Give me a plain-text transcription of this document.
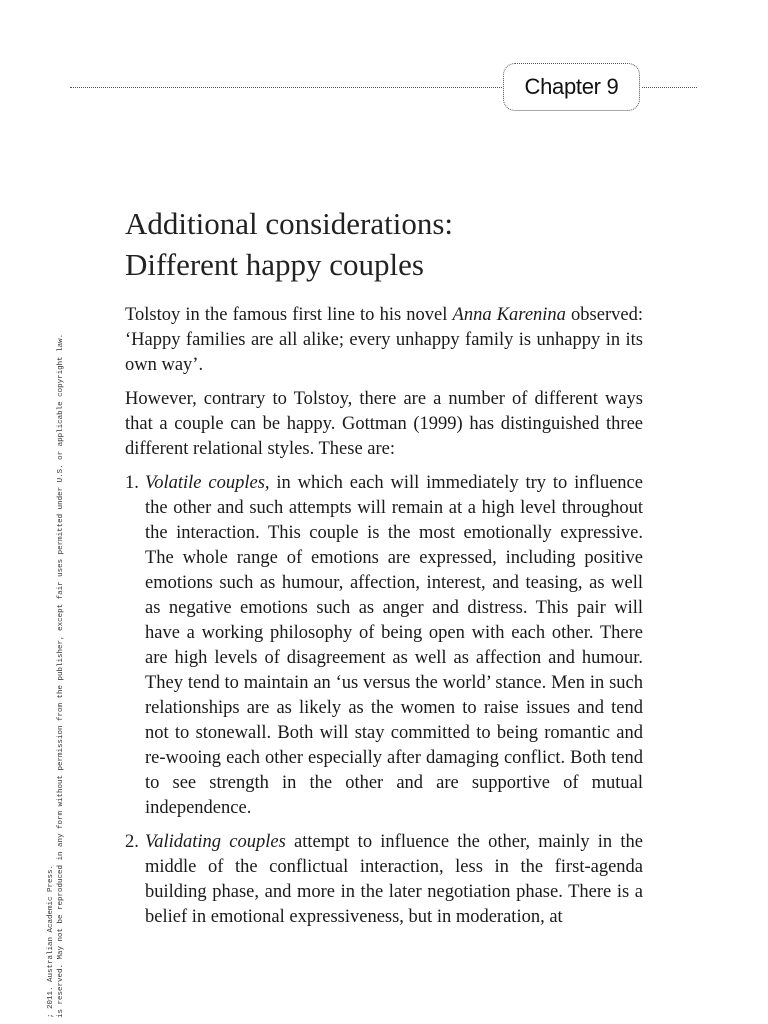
Chapter 9
Additional considerations:
Different happy couples

Tolstoy in the famous first line to his novel Anna Karenina observed: ‘Happy families are all alike; every unhappy family is unhappy in its own way’.

However, contrary to Tolstoy, there are a number of different ways that a couple can be happy. Gottman (1999) has distinguished three different relational styles. These are:

1. Volatile couples, in which each will immediately try to influence the other and such attempts will remain at a high level throughout the interaction. This couple is the most emotionally expressive. The whole range of emotions are expressed, including positive emotions such as humour, affection, interest, and teasing, as well as negative emotions such as anger and distress. This pair will have a working philosophy of being open with each other. There are high levels of disagreement as well as affection and humour. They tend to maintain an ‘us versus the world’ stance. Men in such relationships are as likely as the women to raise issues and tend not to stonewall. Both will stay committed to being romantic and re-wooing each other especially after damaging conflict. Both tend to see strength in the other and are supportive of mutual independence.
2. Validating couples attempt to influence the other, mainly in the middle of the conflictual interaction, less in the first-agenda building phase, and more in the later negotiation phase. There is a belief in emotional expressiveness, but in moderation, at
; 2011. Australian Academic Press. is reserved. May not be reproduced in any form without permission from the publisher, except fair uses permitted under U.S. or applicable copyright law.
